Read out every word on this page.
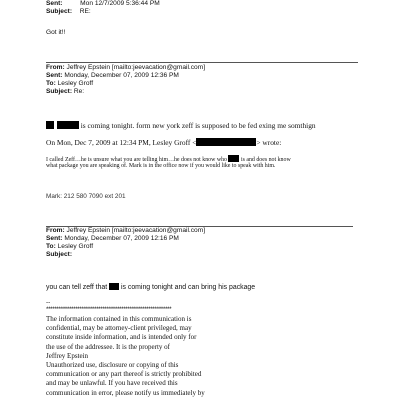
Sent:	Mon 12/7/2009 5:36:44 PM
Subject: RE:
Got it!!
From: Jeffrey Epstein [mailto:jeevacation@gmail.com]
Sent: Monday, December 07, 2009 12:36 PM
To: Lesley Groff
Subject: Re:
is coming tonight. form new york zeff is supposed to be fed exing me somthign
On Mon, Dec 7, 2009 at 12:34 PM, Lesley Groff <	> wrote:
I called Zeff…he is unsure what you are telling him…he does not know who is and does not know
what package you are speaking of. Mark is in the office now if you would like to speak with him.
Mark: 212 580 7090 ext 201
From: Jeffrey Epstein [mailto:jeevacation@gmail.com]
Sent: Monday, December 07, 2009 12:16 PM
To: Lesley Groff
Subject:
you can tell zeff that is coming tonight and can bring his package
--
************************************************************
The information contained in this communication is
confidential, may be attorney-client privileged, may
constitute inside information, and is intended only for
the use of the addressee. It is the property of
Jeffrey Epstein
Unauthorized use, disclosure or copying of this
communication or any part thereof is strictly prohibited
and may be unlawful. If you have received this
communication in error, please notify us immediately by
